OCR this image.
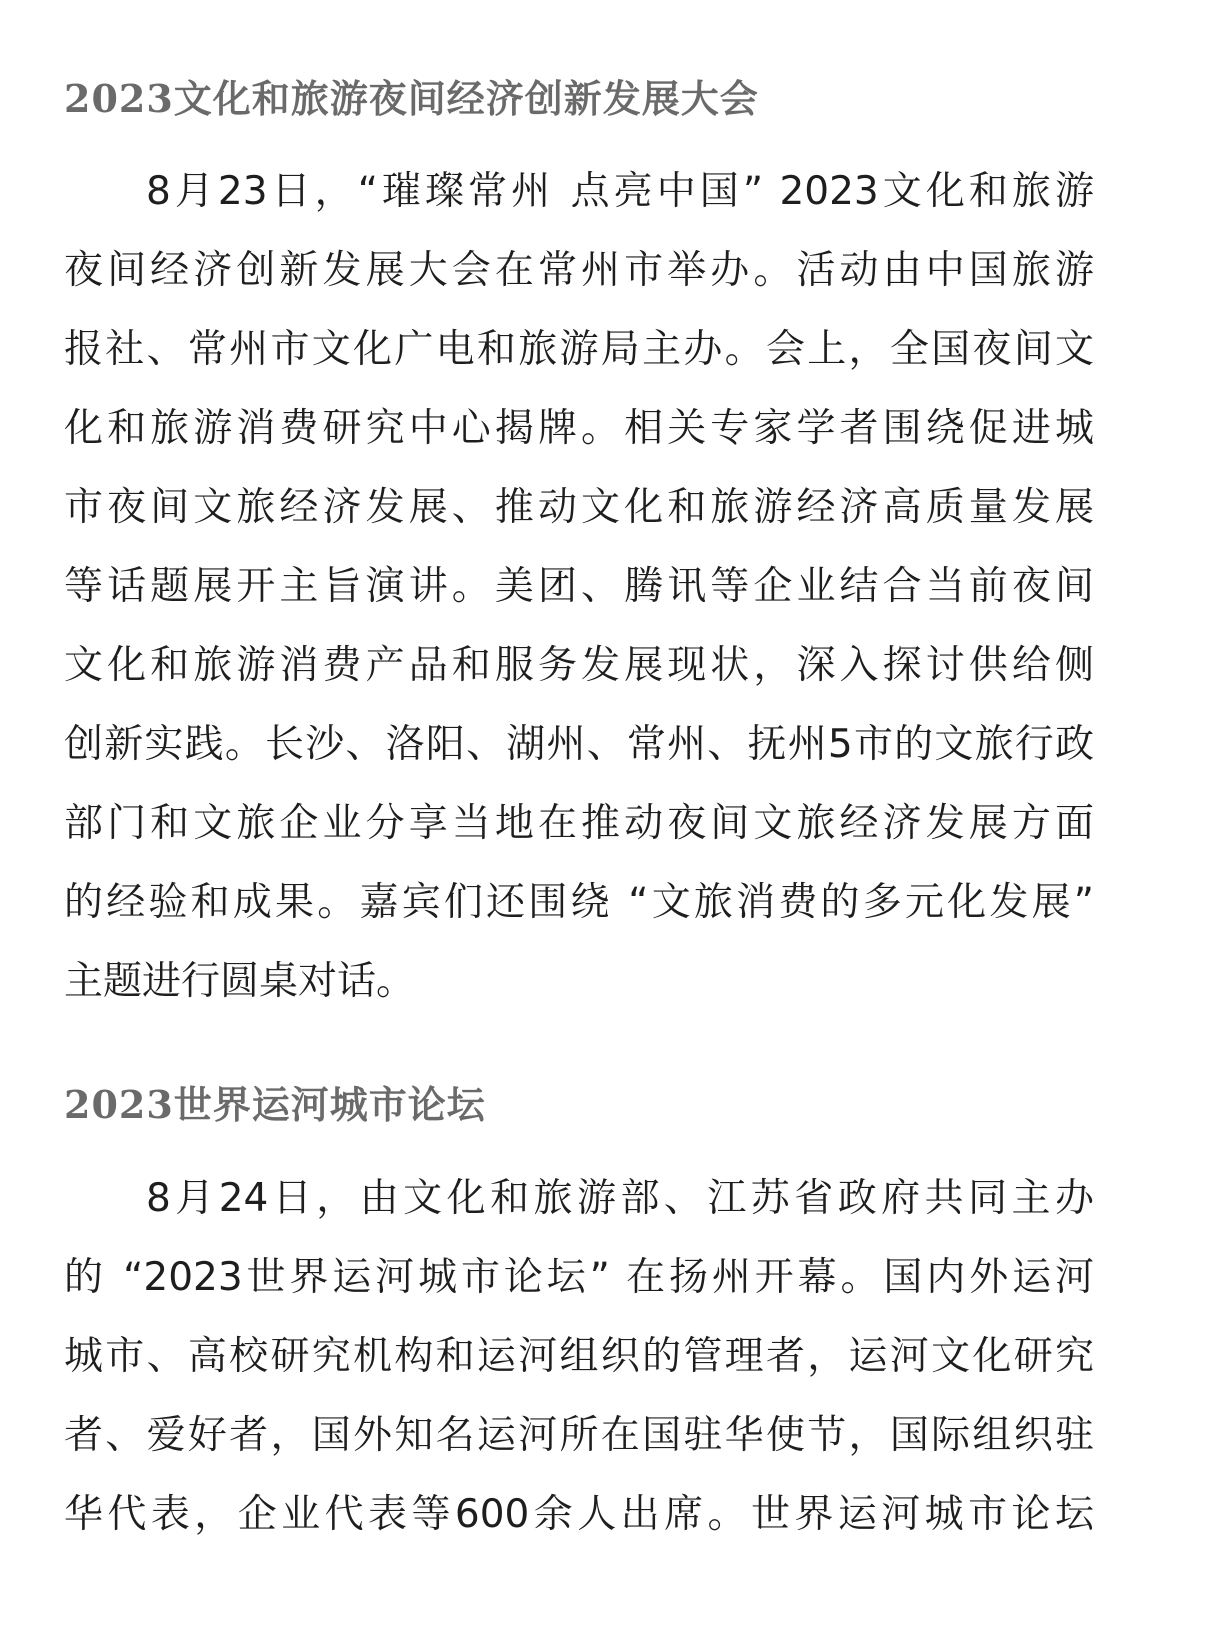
2023文化和旅游夜间经济创新发展大会
8月23日，“璀璨常州 点亮中国” 2023文化和旅游
夜间经济创新发展大会在常州市举办。活动由中国旅游
报社、常州市文化广电和旅游局主办。会上，全国夜间文
化和旅游消费研究中心揭牌。相关专家学者围绕促进城
市夜间文旅经济发展、推动文化和旅游经济高质量发展
等话题展开主旨演讲。美团、腾讯等企业结合当前夜间
文化和旅游消费产品和服务发展现状，深入探讨供给侧
创新实践。长沙、洛阳、湖州、常州、抚州5市的文旅行政
部门和文旅企业分享当地在推动夜间文旅经济发展方面
的经验和成果。嘉宾们还围绕 “文旅消费的多元化发展”
主题进行圆桌对话。
2023世界运河城市论坛
8月24日，由文化和旅游部、江苏省政府共同主办
的 “2023世界运河城市论坛” 在扬州开幕。国内外运河
城市、高校研究机构和运河组织的管理者，运河文化研究
者、爱好者，国外知名运河所在国驻华使节，国际组织驻
华代表，企业代表等600余人出席。世界运河城市论坛
